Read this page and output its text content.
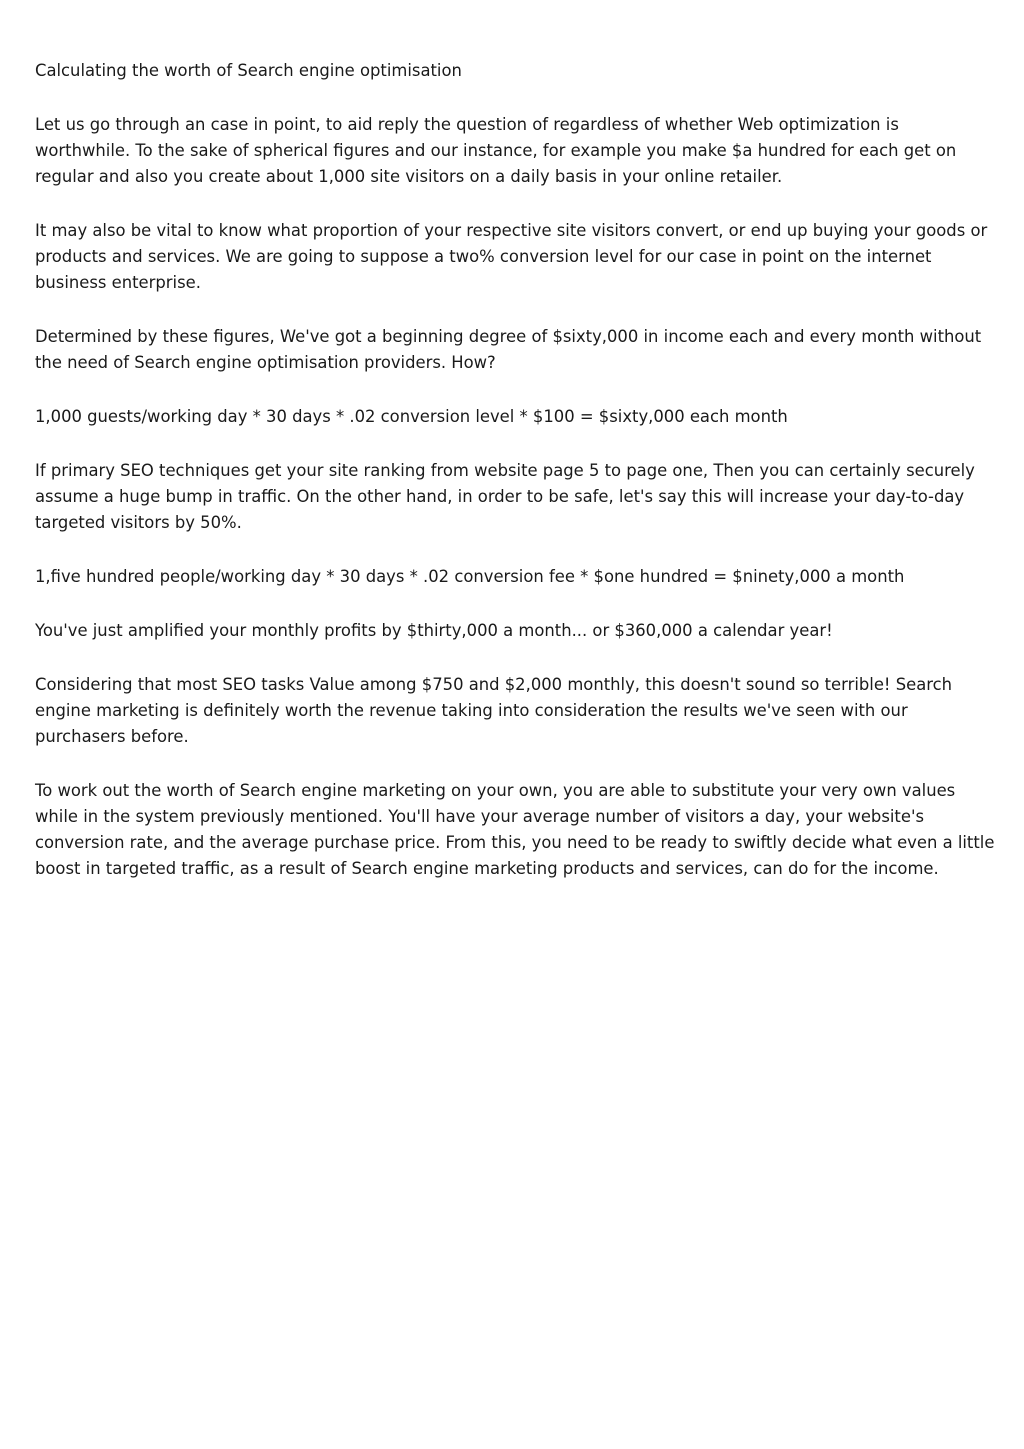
Calculating the worth of Search engine optimisation

Let us go through an case in point, to aid reply the question of regardless of whether Web optimization is worthwhile. To the sake of spherical figures and our instance, for example you make $a hundred for each get on regular and also you create about 1,000 site visitors on a daily basis in your online retailer.

It may also be vital to know what proportion of your respective site visitors convert, or end up buying your goods or products and services. We are going to suppose a two% conversion level for our case in point on the internet business enterprise.

Determined by these figures, We've got a beginning degree of $sixty,000 in income each and every month without the need of Search engine optimisation providers. How?

1,000 guests/working day * 30 days * .02 conversion level * $100 = $sixty,000 each month

If primary SEO techniques get your site ranking from website page 5 to page one, Then you can certainly securely assume a huge bump in traffic. On the other hand, in order to be safe, let's say this will increase your day-to-day targeted visitors by 50%.

1,five hundred people/working day * 30 days * .02 conversion fee * $one hundred = $ninety,000 a month

You've just amplified your monthly profits by $thirty,000 a month... or $360,000 a calendar year!

Considering that most SEO tasks Value among $750 and $2,000 monthly, this doesn't sound so terrible! Search engine marketing is definitely worth the revenue taking into consideration the results we've seen with our purchasers before.

To work out the worth of Search engine marketing on your own, you are able to substitute your very own values while in the system previously mentioned. You'll have your average number of visitors a day, your website's conversion rate, and the average purchase price. From this, you need to be ready to swiftly decide what even a little boost in targeted traffic, as a result of Search engine marketing products and services, can do for the income.
